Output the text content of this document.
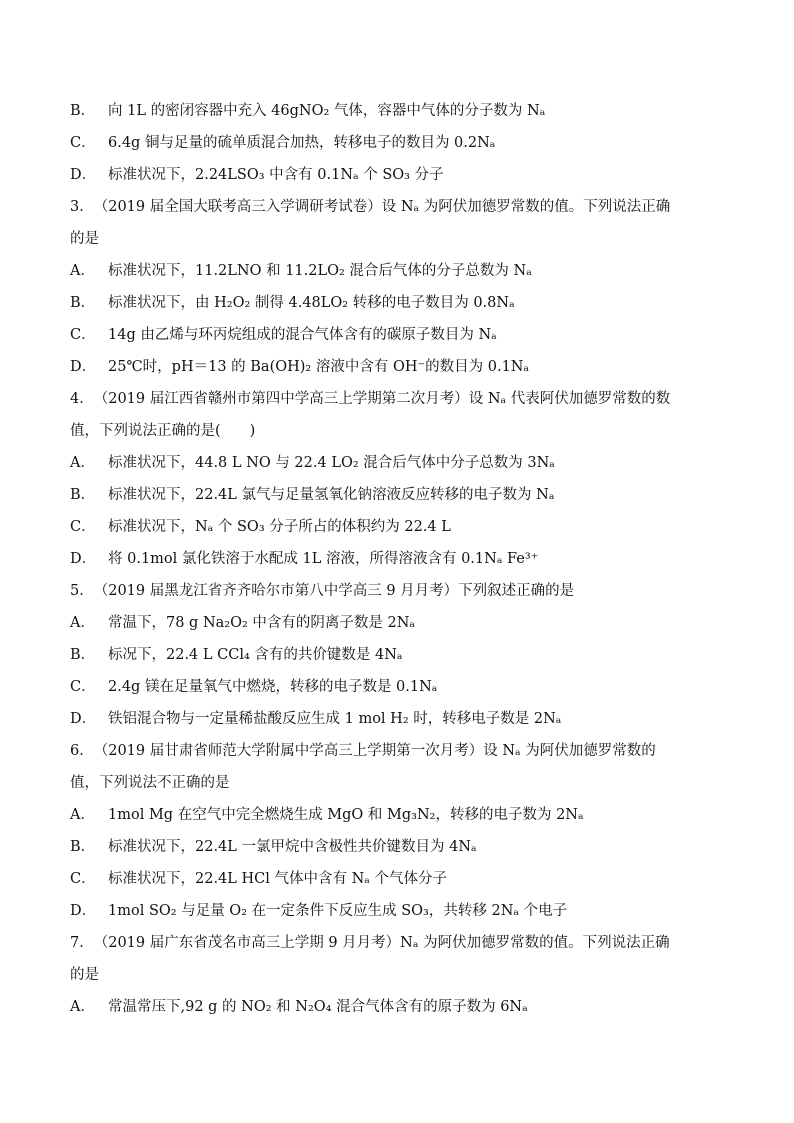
B． 向 1L 的密闭容器中充入 46gNO₂ 气体，容器中气体的分子数为 Nₐ
C． 6.4g 铜与足量的硫单质混合加热，转移电子的数目为 0.2Nₐ
D． 标准状况下，2.24LSO₃ 中含有 0.1Nₐ 个 SO₃ 分子
3．（2019 届全国大联考高三入学调研考试卷）设 Nₐ 为阿伏加德罗常数的值。下列说法正确
的是
A． 标准状况下，11.2LNO 和 11.2LO₂ 混合后气体的分子总数为 Nₐ
B． 标准状况下，由 H₂O₂ 制得 4.48LO₂ 转移的电子数目为 0.8Nₐ
C． 14g 由乙烯与环丙烷组成的混合气体含有的碳原子数目为 Nₐ
D． 25℃时，pH＝13 的 Ba(OH)₂ 溶液中含有 OH⁻的数目为 0.1Nₐ
4．（2019 届江西省赣州市第四中学高三上学期第二次月考）设 Nₐ 代表阿伏加德罗常数的数
值，下列说法正确的是(　　)
A． 标准状况下，44.8 L NO 与 22.4 LO₂ 混合后气体中分子总数为 3Nₐ
B． 标准状况下，22.4L 氯气与足量氢氧化钠溶液反应转移的电子数为 Nₐ
C． 标准状况下，Nₐ 个 SO₃ 分子所占的体积约为 22.4 L
D． 将 0.1mol 氯化铁溶于水配成 1L 溶液，所得溶液含有 0.1Nₐ Fe³⁺
5．（2019 届黑龙江省齐齐哈尔市第八中学高三 9 月月考）下列叙述正确的是
A． 常温下，78 g Na₂O₂ 中含有的阴离子数是 2Nₐ
B． 标况下，22.4 L CCl₄ 含有的共价键数是 4Nₐ
C． 2.4g 镁在足量氧气中燃烧，转移的电子数是 0.1Nₐ
D． 铁铝混合物与一定量稀盐酸反应生成 1 mol H₂ 时，转移电子数是 2Nₐ
6．（2019 届甘肃省师范大学附属中学高三上学期第一次月考）设 Nₐ 为阿伏加德罗常数的
值，下列说法不正确的是
A． 1mol Mg 在空气中完全燃烧生成 MgO 和 Mg₃N₂，转移的电子数为 2Nₐ
B． 标准状况下，22.4L 一氯甲烷中含极性共价键数目为 4Nₐ
C． 标准状况下，22.4L HCl 气体中含有 Nₐ 个气体分子
D． 1mol SO₂ 与足量 O₂ 在一定条件下反应生成 SO₃，共转移 2Nₐ 个电子
7．（2019 届广东省茂名市高三上学期 9 月月考）Nₐ 为阿伏加德罗常数的值。下列说法正确
的是
A． 常温常压下,92 g 的 NO₂ 和 N₂O₄ 混合气体含有的原子数为 6Nₐ
